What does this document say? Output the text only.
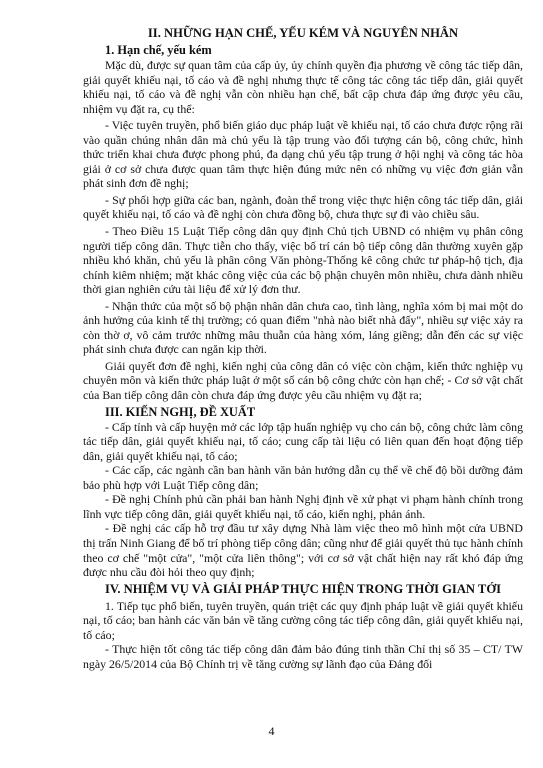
II. NHỮNG HẠN CHẾ, YẾU KÉM VÀ NGUYÊN NHÂN
1. Hạn chế, yếu kém

Mặc dù, được sự quan tâm của cấp ủy, ủy chính quyền địa phương về công tác tiếp dân, giải quyết khiếu nại, tố cáo và đề nghị nhưng thực tế công tác công tác tiếp dân, giải quyết khiếu nại, tố cáo và đề nghị vẫn còn nhiều hạn chế, bất cập chưa đáp ứng được yêu cầu, nhiệm vụ đặt ra, cụ thể:

- Việc tuyên truyền, phổ biến giáo dục pháp luật về khiếu nại, tố cáo chưa được rộng rãi vào quần chúng nhân dân mà chủ yếu là tập trung vào đối tượng cán bộ, công chức, hình thức triển khai chưa được phong phú, đa dạng chủ yếu tập trung ở hội nghị và công tác hòa giải ở cơ sở chưa được quan tâm thực hiện đúng mức nên có những vụ việc đơn giản vẫn phát sinh đơn đề nghị;

- Sự phối hợp giữa các ban, ngành, đoàn thể trong việc thực hiện công tác tiếp dân, giải quyết khiếu nại, tố cáo và đề nghị còn chưa đồng bộ, chưa thực sự đi vào chiều sâu.

- Theo Điều 15 Luật Tiếp công dân quy định Chủ tịch UBND có nhiệm vụ phân công người tiếp công dân. Thực tiễn cho thấy, việc bố trí cán bộ tiếp công dân thường xuyên gặp nhiều khó khăn, chủ yếu là phân công Văn phòng-Thống kê công chức tư pháp-hộ tịch, địa chính kiêm nhiệm; mặt khác công việc của các bộ phận chuyên môn nhiều, chưa dành nhiều thời gian nghiên cứu tài liệu để xử lý đơn thư.

- Nhận thức của một số bộ phận nhân dân chưa cao, tình làng, nghĩa xóm bị mai một do ảnh hưởng của kinh tế thị trường; có quan điểm "nhà nào biết nhà đấy", nhiều sự việc xảy ra còn thờ ơ, vô cảm trước những mâu thuẫn của hàng xóm, láng giềng; dẫn đến các sự việc phát sinh chưa được can ngăn kịp thời.

Giải quyết đơn đề nghị, kiến nghị của công dân có việc còn chậm, kiến thức nghiệp vụ chuyên môn và kiến thức pháp luật ở một số cán bộ công chức còn hạn chế; - Cơ sở vật chất của Ban tiếp công dân còn chưa đáp ứng được yêu cầu nhiệm vụ đặt ra;

III. KIẾN NGHỊ, ĐỀ XUẤT

- Cấp tỉnh và cấp huyện mở các lớp tập huấn nghiệp vụ cho cán bộ, công chức làm công tác tiếp dân, giải quyết khiếu nại, tố cáo; cung cấp tài liệu có liên quan đến hoạt động tiếp dân, giải quyết khiếu nại, tố cáo;

- Các cấp, các ngành cần ban hành văn bản hướng dẫn cụ thể về chế độ bồi dưỡng đảm bảo phù hợp với Luật Tiếp công dân;

- Đề nghị Chính phủ cần phải ban hành Nghị định về xử phạt vi phạm hành chính trong lĩnh vực tiếp công dân, giải quyết khiếu nại, tố cáo, kiến nghị, phản ánh.

- Đề nghị các cấp hỗ trợ đầu tư xây dựng Nhà làm việc theo mô hình một cửa UBND thị trấn Ninh Giang để bố trí phòng tiếp công dân; cũng như để giải quyết thủ tục hành chính theo cơ chế "một cửa", "một cửa liên thông"; với cơ sở vật chất hiện nay rất khó đáp ứng được nhu cầu đòi hỏi theo quy định;

IV. NHIỆM VỤ VÀ GIẢI PHÁP THỰC HIỆN TRONG THỜI GIAN TỚI

1. Tiếp tục phổ biến, tuyên truyền, quán triệt các quy định pháp luật về giải quyết khiếu nại, tố cáo; ban hành các văn bản về tăng cường công tác tiếp công dân, giải quyết khiếu nại, tố cáo;

- Thực hiện tốt công tác tiếp công dân đảm bảo đúng tinh thần Chỉ thị số 35 – CT/ TW ngày 26/5/2014 của Bộ Chính trị về tăng cường sự lãnh đạo của Đảng đối

4
